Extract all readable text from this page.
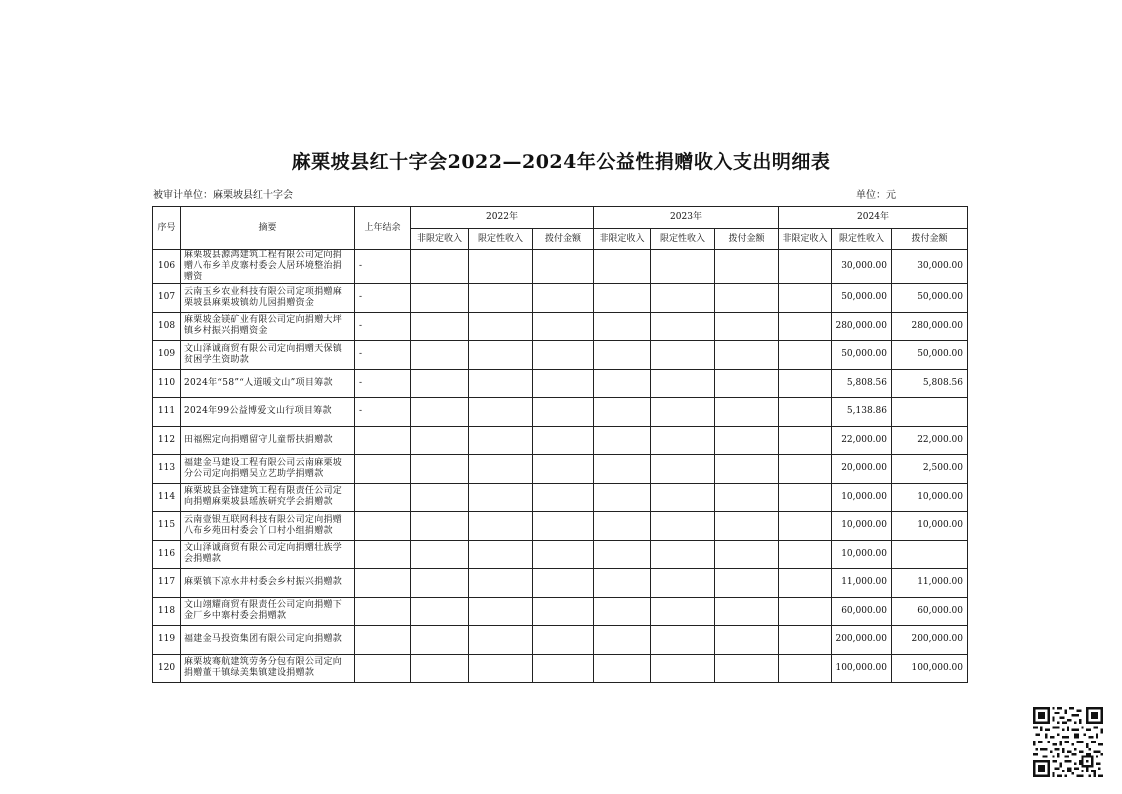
麻栗坡县红十字会2022—2024年公益性捐赠收入支出明细表
被审计单位：麻栗坡县红十字会	单位：元
序号	摘要	上年结余	2022年			2023年			2024年		
			非限定收入	限定性收入	拨付金额	非限定收入	限定性收入	拨付金额	非限定收入	限定性收入	拨付金额
106	麻栗坡县源鸿建筑工程有限公司定向捐赠八布乡羊皮寨村委会人居环境整治捐赠资	-								30,000.00	30,000.00
107	云南玉乡农业科技有限公司定项捐赠麻栗坡县麻栗坡镇幼儿园捐赠资金	-								50,000.00	50,000.00
108	麻栗坡金镁矿业有限公司定向捐赠大坪镇乡村振兴捐赠资金	-								280,000.00	280,000.00
109	文山泽诚商贸有限公司定向捐赠天保镇贫困学生资助款	-								50,000.00	50,000.00
110	2024年“58”“人道暖文山”项目筹款	-								5,808.56	5,808.56
111	2024年99公益博爱文山行项目筹款	-								5,138.86	
112	田福熙定向捐赠留守儿童帮扶捐赠款									22,000.00	22,000.00
113	福建金马建设工程有限公司云南麻栗坡分公司定向捐赠吴立艺助学捐赠款									20,000.00	2,500.00
114	麻栗坡县金锋建筑工程有限责任公司定向捐赠麻栗坡县瑶族研究学会捐赠款									10,000.00	10,000.00
115	云南壹银互联网科技有限公司定向捐赠八布乡苑田村委会丫口村小组捐赠款									10,000.00	10,000.00
116	文山泽诚商贸有限公司定向捐赠壮族学会捐赠款									10,000.00	
117	麻栗镇下凉水井村委会乡村振兴捐赠款									11,000.00	11,000.00
118	文山翊耀商贸有限责任公司定向捐赠下金厂乡中寨村委会捐赠款									60,000.00	60,000.00
119	福建金马投资集团有限公司定向捐赠款									200,000.00	200,000.00
120	麻栗坡骞航建筑劳务分包有限公司定向捐赠董干镇绿美集镇建设捐赠款									100,000.00	100,000.00
